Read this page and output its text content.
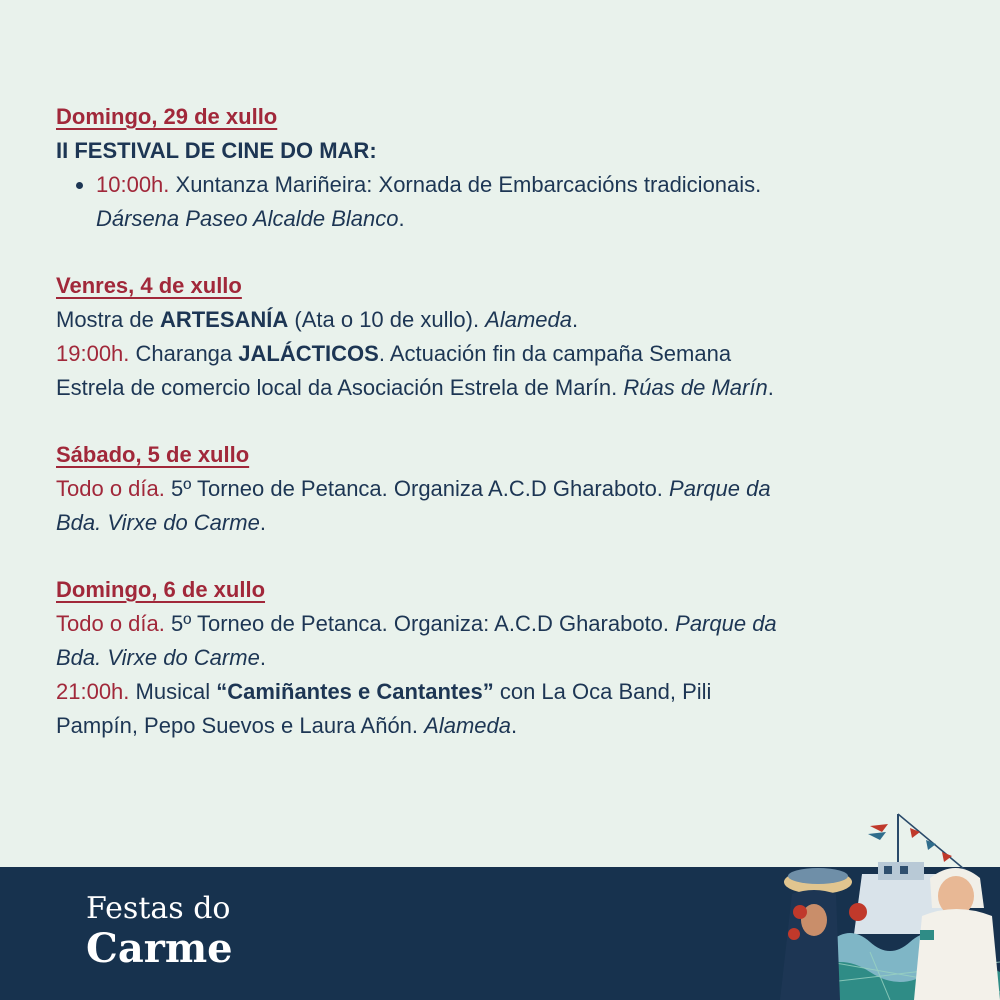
Domingo, 29 de xullo
II FESTIVAL DE CINE DO MAR:
• 10:00h. Xuntanza Mariñeira: Xornada de Embarcacións tradicionais.
Dársena Paseo Alcalde Blanco.
Venres, 4 de xullo
Mostra de ARTESANÍA (Ata o 10 de xullo). Alameda.
19:00h. Charanga JALÁCTICOS. Actuación fin da campaña Semana
Estrela de comercio local da Asociación Estrela de Marín. Rúas de Marín.
Sábado, 5 de xullo
Todo o día. 5º Torneo de Petanca. Organiza A.C.D Gharaboto. Parque da
Bda. Virxe do Carme.
Domingo, 6 de xullo
Todo o día. 5º Torneo de Petanca. Organiza: A.C.D Gharaboto. Parque da
Bda. Virxe do Carme.
21:00h. Musical “Camiñantes e Cantantes” con La Oca Band, Pili
Pampín, Pepo Suevos e Laura Añón. Alameda.
Festas do
Carme
